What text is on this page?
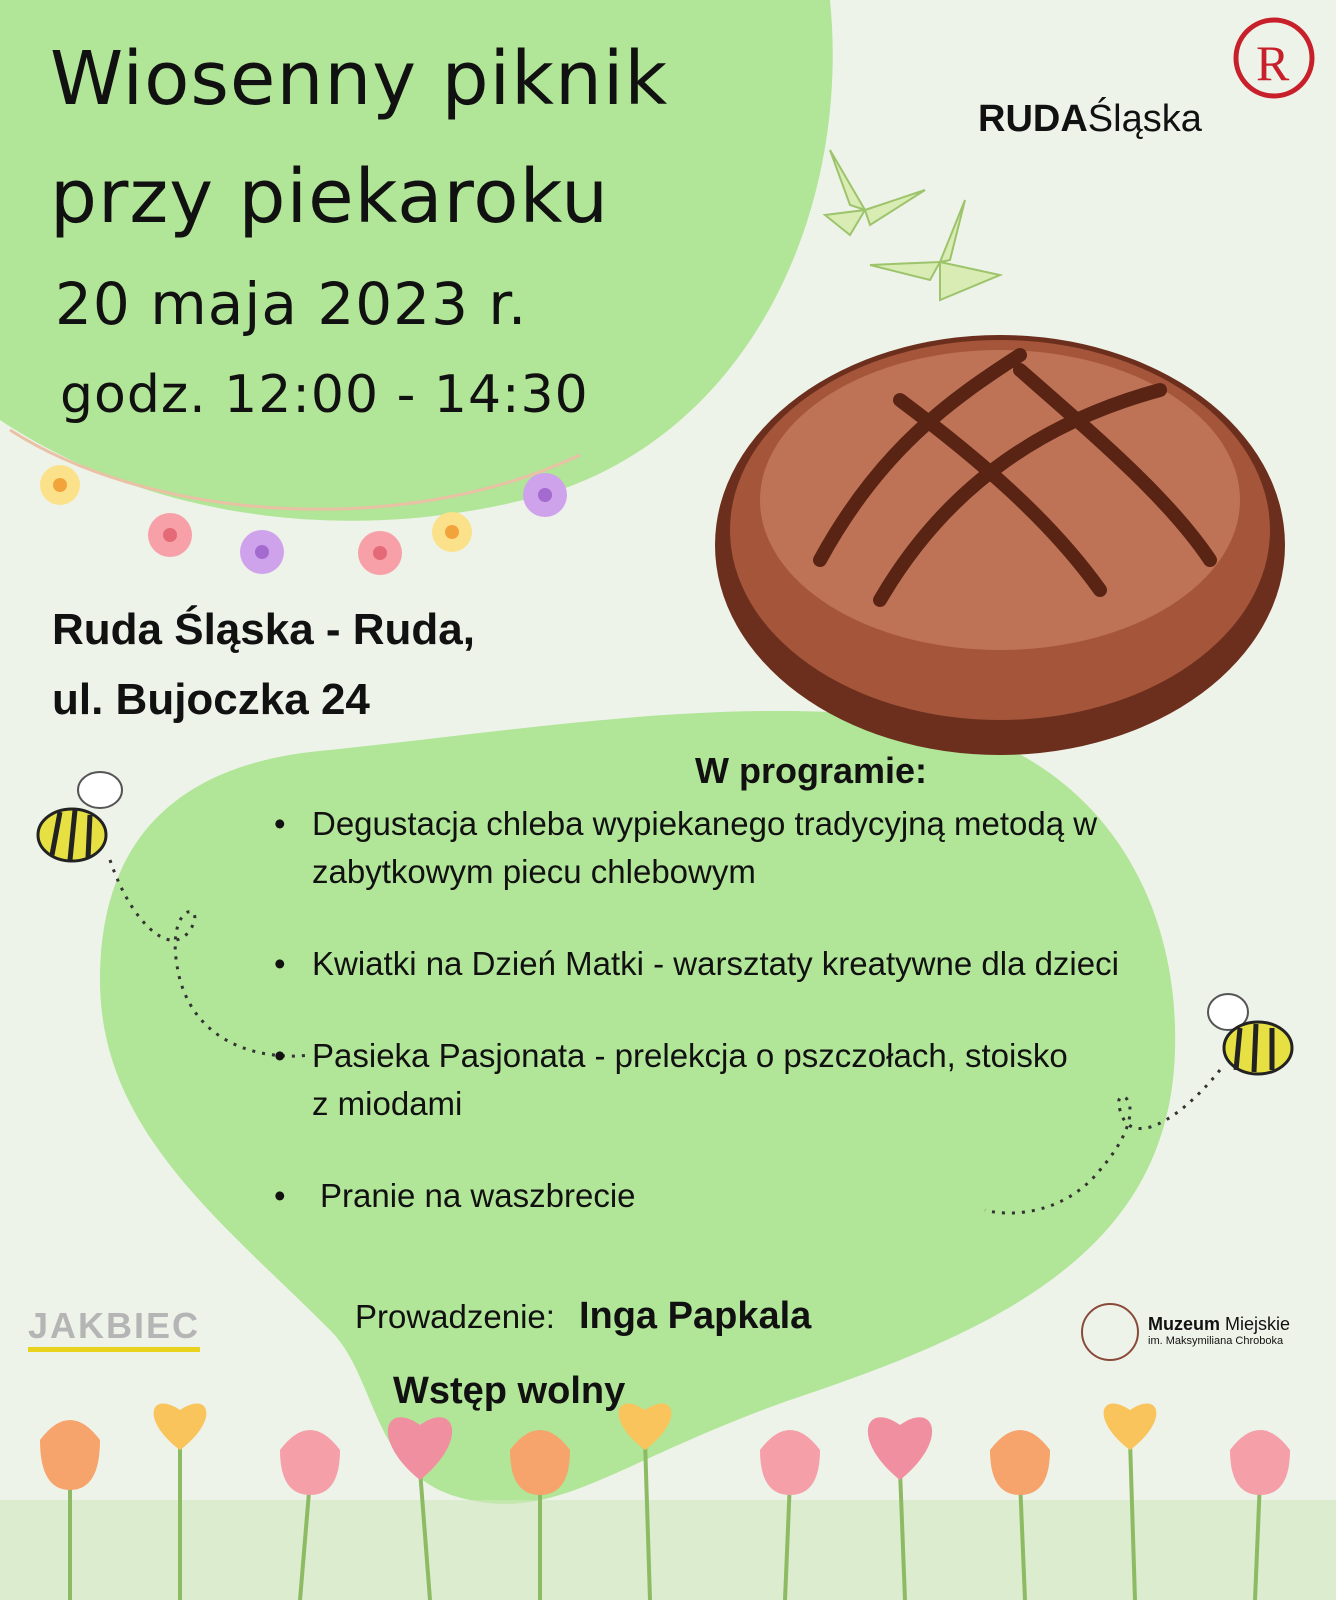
R
Wiosenny piknik
przy piekaroku
20 maja 2023 r.
godz. 12:00 - 14:30
RUDAŚląska
Ruda Śląska - Ruda,
ul. Bujoczka 24
W programie:
• Degustacja chleba wypiekanego tradycyjną metodą w zabytkowym piecu chlebowym
• Kwiatki na Dzień Matki - warsztaty kreatywne dla dzieci
• Pasieka Pasjonata - prelekcja o pszczołach, stoisko z miodami
• Pranie na waszbrecie
Prowadzenie: Inga Papkala
Wstęp wolny
JAKBIEC	Muzeum Miejskie
im. Maksymiliana Chroboka
